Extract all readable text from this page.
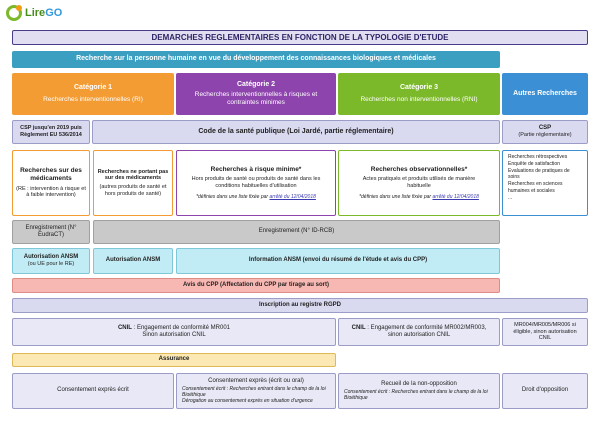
LireGO
DEMARCHES REGLEMENTAIRES EN FONCTION DE LA TYPOLOGIE D'ETUDE
Recherche sur la personne humaine en vue du développement des connaissances biologiques et médicales
Catégorie 1
Recherches interventionnelles (RI)
Catégorie 2
Recherches interventionnelles à risques et contraintes minimes
Catégorie 3
Recherches non interventionnelles (RNI)
Autres Recherches
CSP jusqu'en 2019 puis Règlement EU 536/2014
Code de la santé publique (Loi Jardé, partie réglementaire)	CSP
(Partie réglementaire)
Recherches sur des médicaments
(RE : intervention à risque et à faible intervention)
Recherches ne portant pas sur des médicaments
(autres produits de santé et hors produits de santé)
Recherches à risque minime*
Hors produits de santé ou produits de santé dans les conditions habituelles d'utilisation
*définies dans une liste fixée par arrêté du 12/04/2018
Recherches observationnelles*
Actes pratiqués et produits utilisés de manière habituelle
*définies dans une liste fixée par arrêté du 12/04/2018
Recherches rétrospectives
Enquête de satisfaction
Evaluations de pratiques de soins
Recherches en sciences humaines et sociales
...
Enregistrement (N° EudraCT)
Enregistrement (N° ID-RCB)
Autorisation ANSM
(ou UE pour le RE)
Autorisation ANSM	Information ANSM (envoi du résumé de l'étude et avis du CPP)
Avis du CPP (Affectation du CPP par tirage au sort)
Inscription au registre RGPD
CNIL : Engagement de conformité MR001
Sinon autorisation CNIL
CNIL : Engagement de conformité MR002/MR003,
sinon autorisation CNIL
MR004/MR005/MR006 si éligible, sinon autorisation CNIL
Assurance
Consentement exprès écrit
Consentement exprès (écrit ou oral)
Consentement écrit : Recherches entrant dans le champ de la loi Bioéthique
Dérogation au consentement exprès en situation d'urgence
Recueil de la non-opposition
Consentement écrit : Recherches entrant dans le champ de la loi Bioéthique
Droit d'opposition
